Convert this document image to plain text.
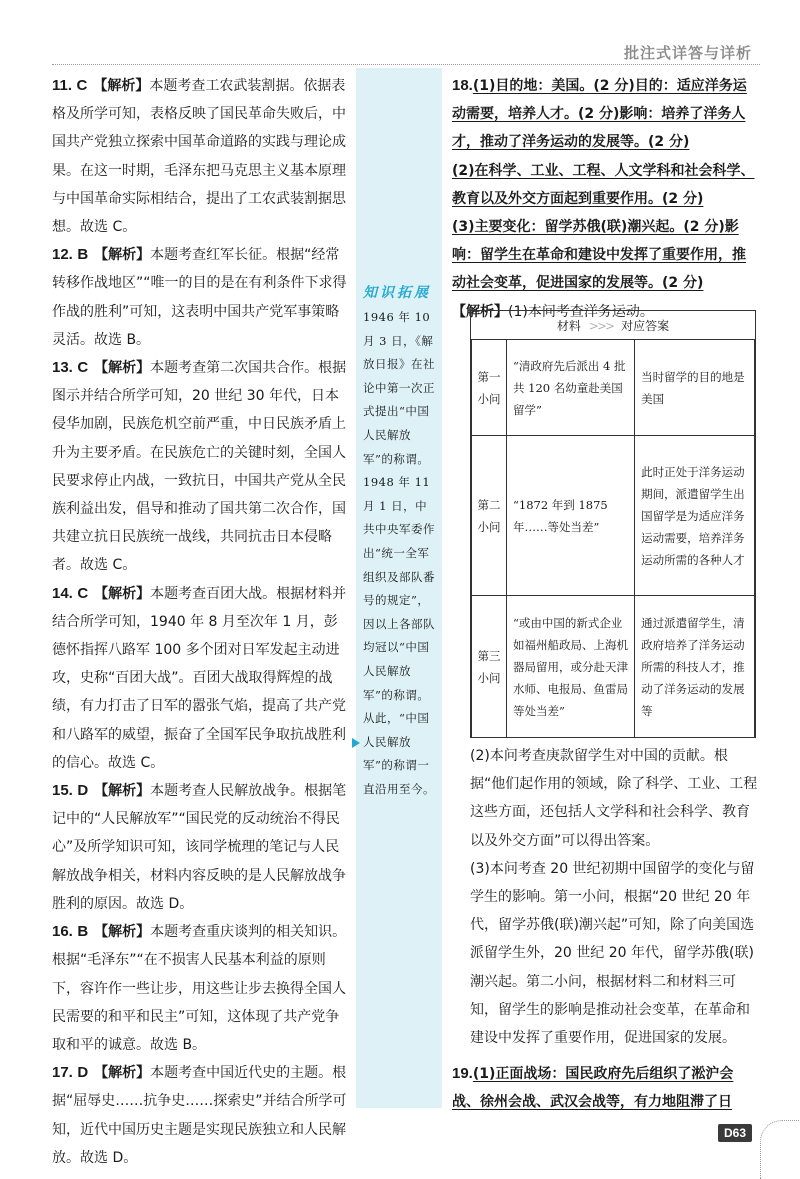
批注式详答与详析

11. C 【解析】本题考查工农武装割据。依据表格及所学可知，表格反映了国民革命失败后，中国共产党独立探索中国革命道路的实践与理论成果。在这一时期，毛泽东把马克思主义基本原理与中国革命实际相结合，提出了工农武装割据思想。故选 C。

12. B 【解析】本题考查红军长征。根据“经常转移作战地区”“唯一的目的是在有利条件下求得作战的胜利”可知，这表明中国共产党军事策略灵活。故选 B。

13. C 【解析】本题考查第二次国共合作。根据图示并结合所学可知，20 世纪 30 年代，日本侵华加剧，民族危机空前严重，中日民族矛盾上升为主要矛盾。在民族危亡的关键时刻，全国人民要求停止内战，一致抗日，中国共产党从全民族利益出发，倡导和推动了国共第二次合作，国共建立抗日民族统一战线，共同抗击日本侵略者。故选 C。

14. C 【解析】本题考查百团大战。根据材料并结合所学可知，1940 年 8 月至次年 1 月，彭德怀指挥八路军 100 多个团对日军发起主动进攻，史称“百团大战”。百团大战取得辉煌的战绩，有力打击了日军的嚣张气焰，提高了共产党和八路军的威望，振奋了全国军民争取抗战胜利的信心。故选 C。

15. D 【解析】本题考查人民解放战争。根据笔记中的“人民解放军”“国民党的反动统治不得民心”及所学知识可知，该同学梳理的笔记与人民解放战争相关，材料内容反映的是人民解放战争胜利的原因。故选 D。

16. B 【解析】本题考查重庆谈判的相关知识。根据“毛泽东”“在不损害人民基本利益的原则下，容许作一些让步，用这些让步去换得全国人民需要的和平和民主”可知，这体现了共产党争取和平的诚意。故选 B。

17. D 【解析】本题考查中国近代史的主题。根据“屈辱史……抗争史……探索史”并结合所学可知，近代中国历史主题是实现民族独立和人民解放。故选 D。

知识拓展
1946 年 10 月 3 日，《解放日报》在社论中第一次正式提出“中国人民解放军”的称谓。1948 年 11 月 1 日，中共中央军委作出“统一全军组织及部队番号的规定”，因以上各部队均冠以“中国人民解放军”的称谓。从此，“中国人民解放军”的称谓一直沿用至今。

18.(1)目的地：美国。(2 分)目的：适应洋务运动需要，培养人才。(2 分)影响：培养了洋务人才，推动了洋务运动的发展等。(2 分)

(2)在科学、工业、工程、人文学科和社会科学、教育以及外交方面起到重要作用。(2 分)

(3)主要变化：留学苏俄(联)潮兴起。(2 分)影响：留学生在革命和建设中发挥了重要作用，推动社会变革，促进国家的发展等。(2 分)

【解析】(1)本问考查洋务运动。

材料 >>> 对应答案		
第一小问	“清政府先后派出 4 批共 120 名幼童赴美国留学”	当时留学的目的地是美国
第二小问	“1872 年到 1875 年……等处当差”	此时正处于洋务运动期间，派遣留学生出国留学是为适应洋务运动需要，培养洋务运动所需的各种人才
第三小问	“或由中国的新式企业如福州船政局、上海机器局留用，或分赴天津水师、电报局、鱼雷局等处当差”	通过派遣留学生，清政府培养了洋务运动所需的科技人才，推动了洋务运动的发展等

(2)本问考查庚款留学生对中国的贡献。根据“他们起作用的领域，除了科学、工业、工程这些方面，还包括人文学科和社会科学、教育以及外交方面”可以得出答案。

(3)本问考查 20 世纪初期中国留学的变化与留学生的影响。第一小问，根据“20 世纪 20 年代，留学苏俄(联)潮兴起”可知，除了向美国选派留学生外，20 世纪 20 年代，留学苏俄(联)潮兴起。第二小问，根据材料二和材料三可知，留学生的影响是推动社会变革，在革命和建设中发挥了重要作用，促进国家的发展。

19.(1)正面战场：国民政府先后组织了淞沪会战、徐州会战、武汉会战等，有力地阻滞了日
D63
